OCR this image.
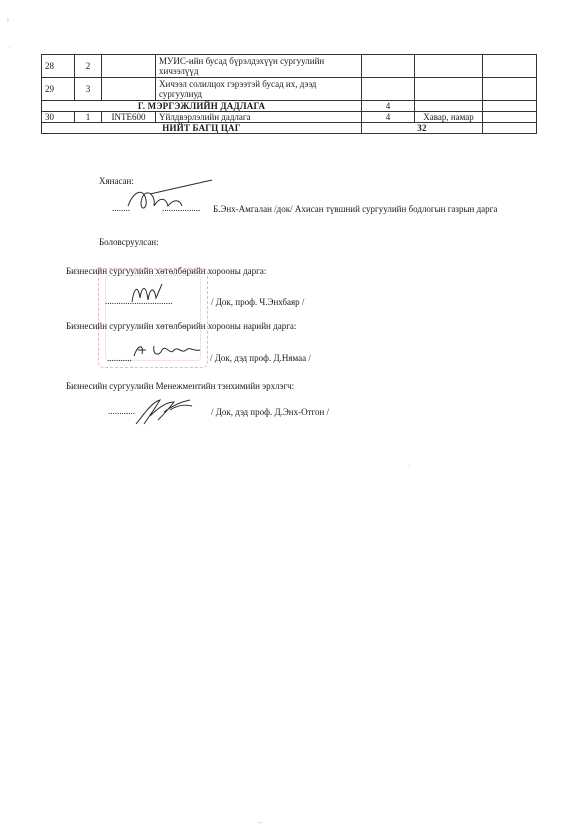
ˀ
ˈ
28	2		МУИС-ийн бусад бүрэлдэхүүн сургуулийн хичээлүүд			
29	3		Хичээл солилцох гэрээтэй бусад их, дээд сургуулиуд			
Г. МЭРГЭЖЛИЙН ДАДЛАГА				4		
30	1	INTE600	Үйлдвэрлэлийн дадлага	4	Хавар, намар	
НИЙТ БАГЦ ЦАГ				32		
Хянасан:
........	................. Б.Энх-Амгалан /док/ Ахисан түвшний сургуулийн бодлогын газрын дарга
Боловсруулсан:
Бизнесийн сургуулийн хөтөлбөрийн хорооны дарга:
..............................	/ Док, проф. Ч.Энхбаяр /
Бизнесийн сургуулийн хөтөлбөрийн хорооны нарийн дарга:
...........	/ Док, дэд проф. Д.Нямаа /
Бизнесийн сургуулийн Менежментийн тэнхимийн эрхлэгч:
............	/ Док, дэд проф. Д.Энх-Отгон /
·
–
